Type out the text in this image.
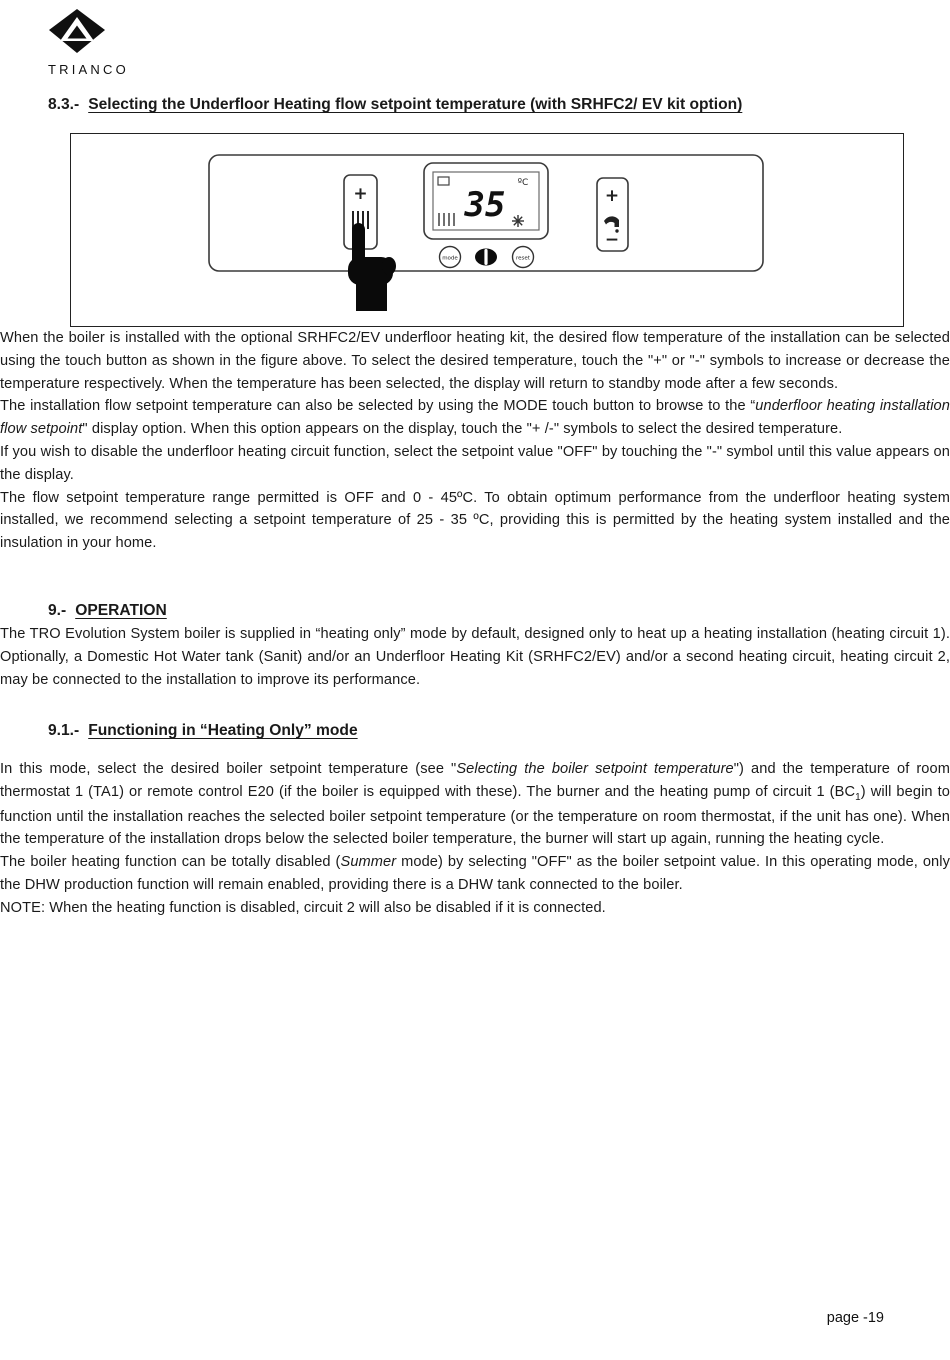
TRIANCO
8.3.- Selecting the Underfloor Heating flow setpoint temperature (with SRHFC2/ EV kit option)
+	35
ºC
mode	reset
+
−

When the boiler is installed with the optional SRHFC2/EV underfloor heating kit, the desired flow temperature of the installation can be selected using the touch button as shown in the figure above. To select the desired temperature, touch the "+" or "-" symbols to increase or decrease the temperature respectively. When the temperature has been selected, the display will return to standby mode after a few seconds.

The installation flow setpoint temperature can also be selected by using the MODE touch button to browse to the “underfloor heating installation flow setpoint" display option. When this option appears on the display, touch the "+ /-" symbols to select the desired temperature.

If you wish to disable the underfloor heating circuit function, select the setpoint value "OFF" by touching the "-" symbol until this value appears on the display.

The flow setpoint temperature range permitted is OFF and 0 - 45ºC. To obtain optimum performance from the underfloor heating system installed, we recommend selecting a setpoint temperature of 25 - 35 ºC, providing this is permitted by the heating system installed and the insulation in your home.

9.- OPERATION

The TRO Evolution System boiler is supplied in “heating only” mode by default, designed only to heat up a heating installation (heating circuit 1). Optionally, a Domestic Hot Water tank (Sanit) and/or an Underfloor Heating Kit (SRHFC2/EV) and/or a second heating circuit, heating circuit 2, may be connected to the installation to improve its performance.

9.1.- Functioning in “Heating Only” mode

In this mode, select the desired boiler setpoint temperature (see "Selecting the boiler setpoint temperature") and the temperature of room thermostat 1 (TA1) or remote control E20 (if the boiler is equipped with these). The burner and the heating pump of circuit 1 $(BC_1)$ will begin to function until the installation reaches the selected boiler setpoint temperature (or the temperature on room thermostat, if the unit has one). When the temperature of the installation drops below the selected boiler temperature, the burner will start up again, running the heating cycle.

The boiler heating function can be totally disabled (Summer mode) by selecting "OFF" as the boiler setpoint value. In this operating mode, only the DHW production function will remain enabled, providing there is a DHW tank connected to the boiler.

NOTE: When the heating function is disabled, circuit 2 will also be disabled if it is connected.

page -19
